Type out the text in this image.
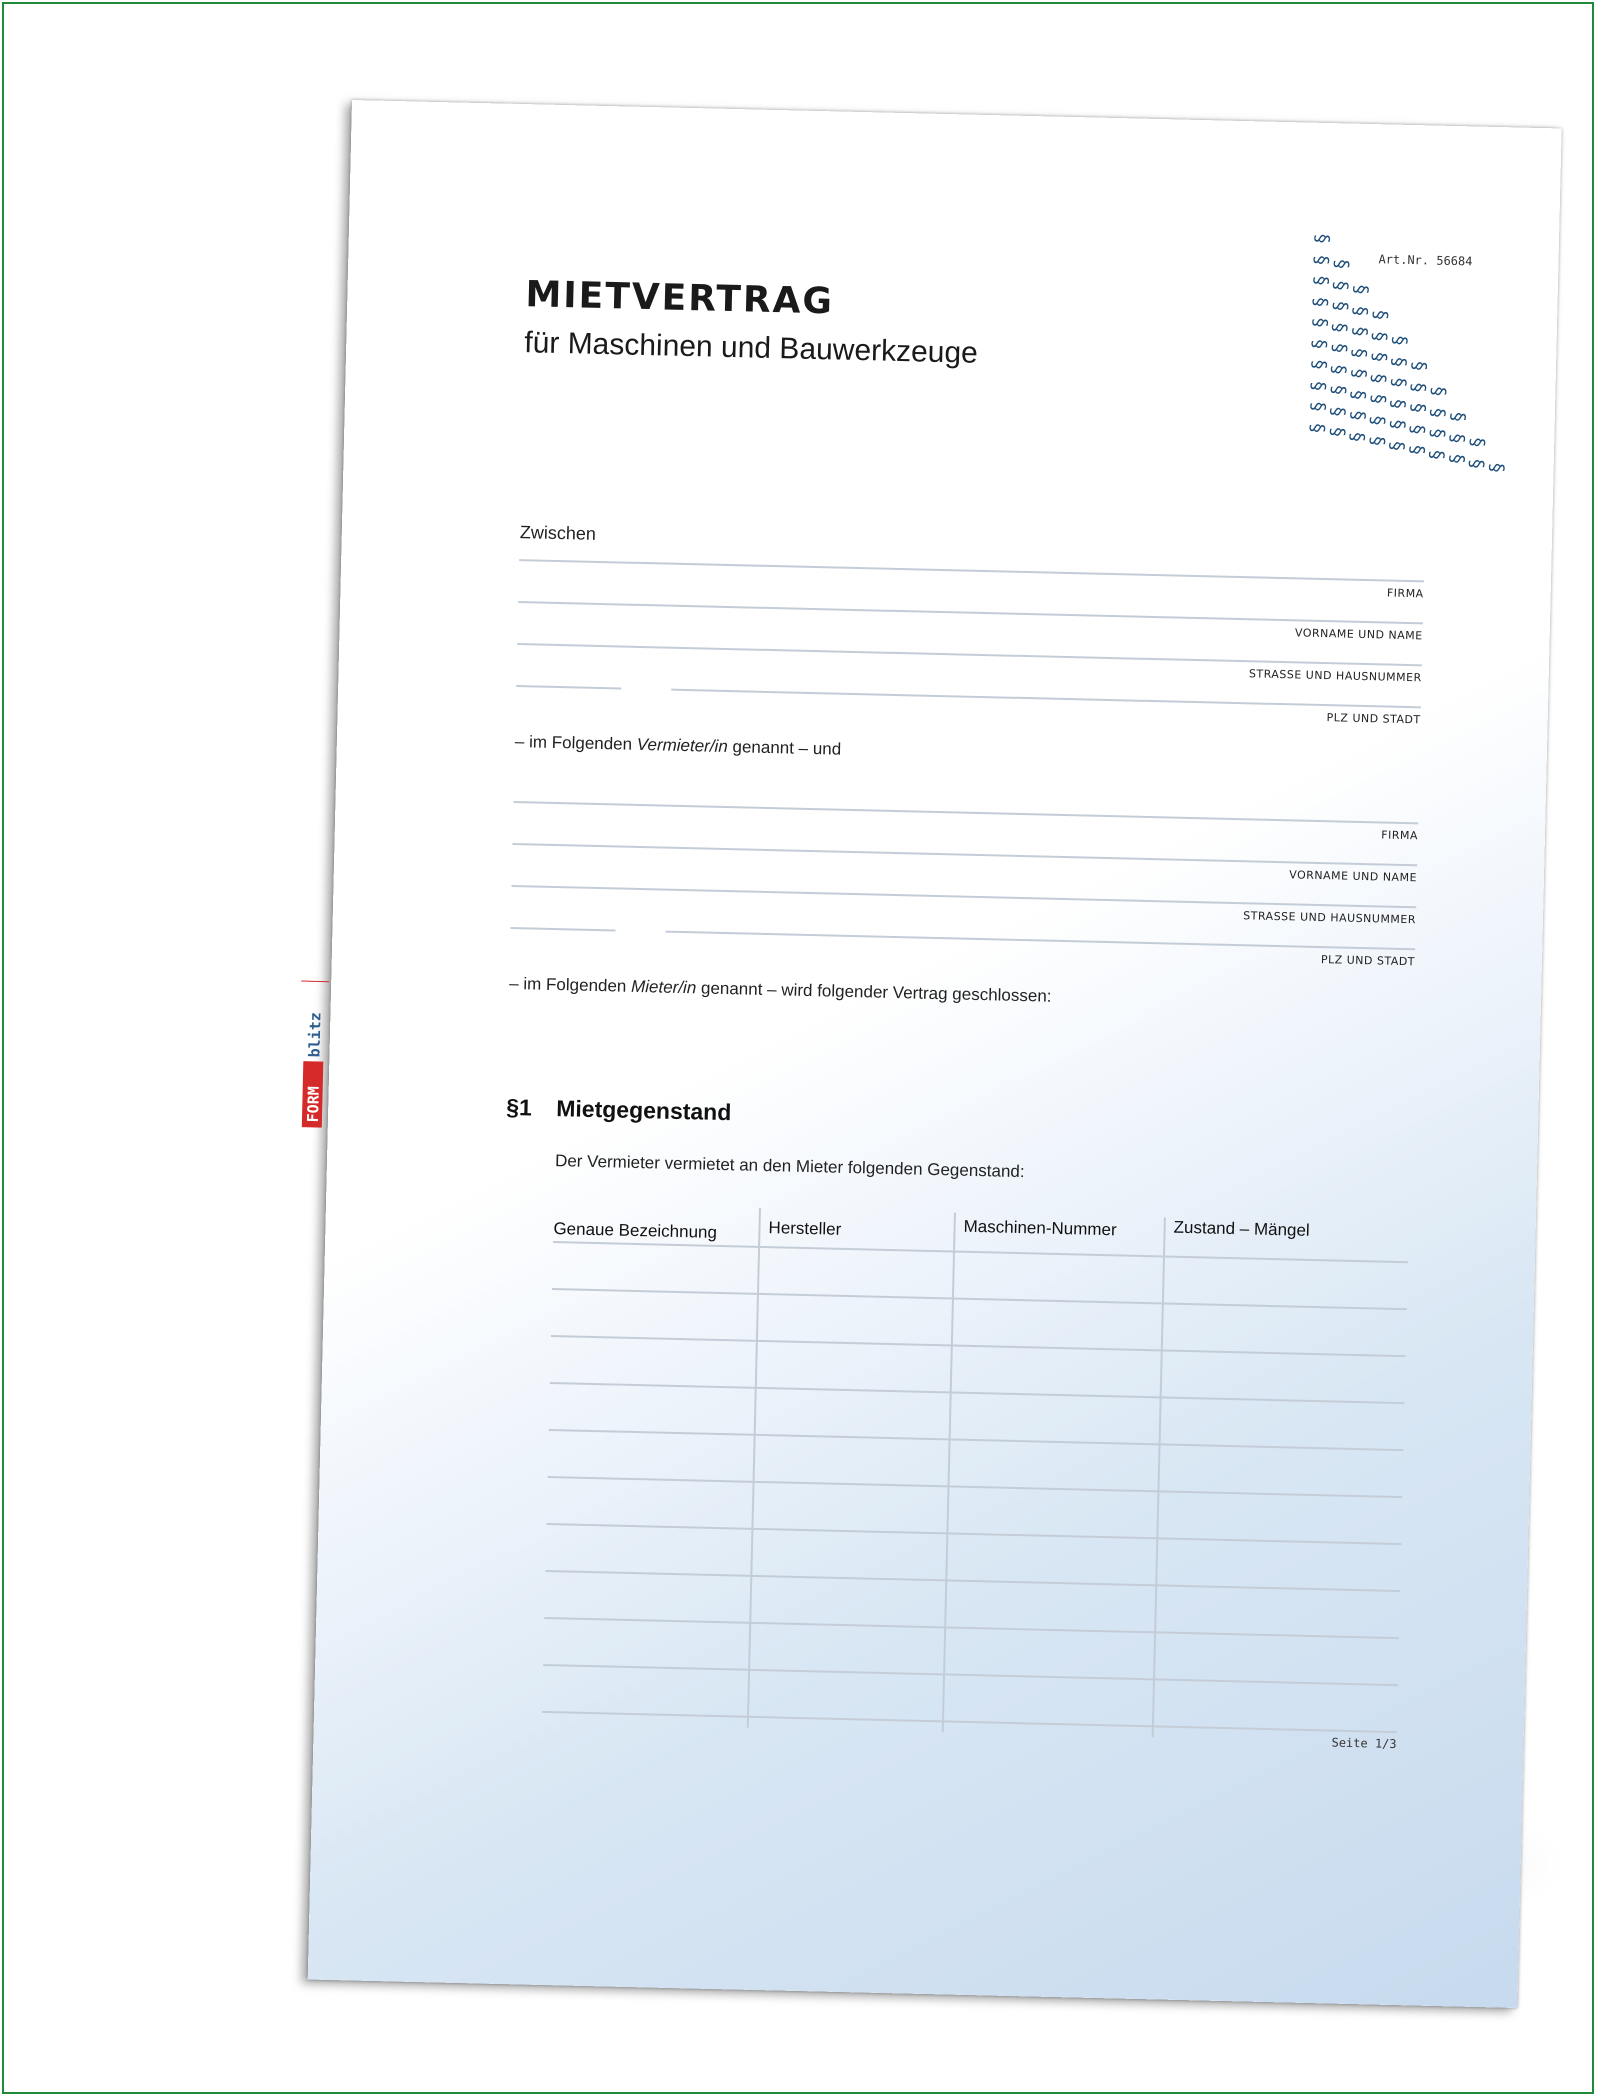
Art.Nr. 56684
§
§
§
§
§
§
§
§
§
§
§
§
§
§
§
§
§
§
§
§
§
§
§
§
§
§
§
§
§
§
§
§
§
§
§
§
§
§
§
§
§
§
§
§
§
§
§
§
§
§
§
§
§
§
§
MIETVERTRAG
für Maschinen und Bauwerkzeuge
Zwischen
FIRMA
VORNAME UND NAME
STRASSE UND HAUSNUMMER
PLZ UND STADT
– im Folgenden Vermieter/in genannt – und
FIRMA
VORNAME UND NAME
STRASSE UND HAUSNUMMER
PLZ UND STADT
– im Folgenden Mieter/in genannt – wird folgender Vertrag geschlossen:
FORM
blitz
§1 Mietgegenstand
Der Vermieter vermietet an den Mieter folgenden Gegenstand:
Genaue Bezeichnung	Hersteller	Maschinen-Nummer	Zustand – Mängel
Seite 1/3
